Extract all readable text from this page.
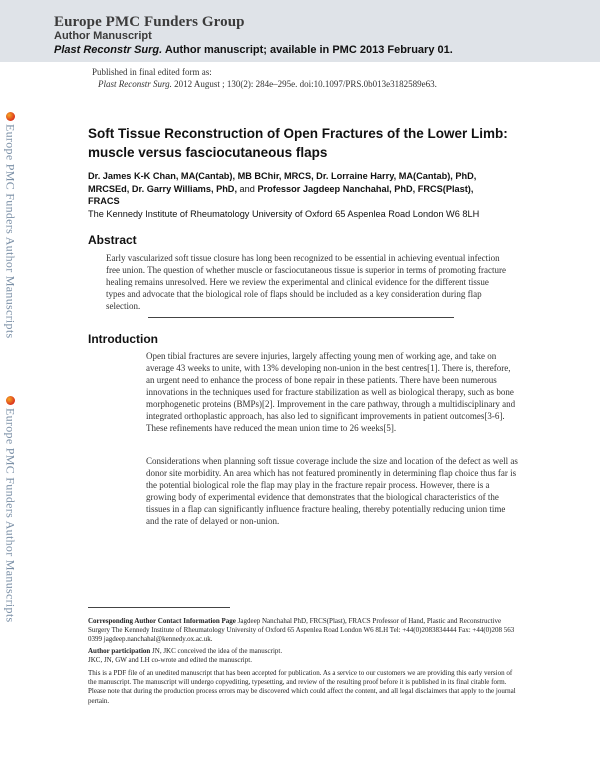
Europe PMC Funders Group
Author Manuscript
Plast Reconstr Surg. Author manuscript; available in PMC 2013 February 01.
Published in final edited form as:
Plast Reconstr Surg. 2012 August ; 130(2): 284e–295e. doi:10.1097/PRS.0b013e3182589e63.
Europe PMC Funders Author Manuscripts
Europe PMC Funders Author Manuscripts
Soft Tissue Reconstruction of Open Fractures of the Lower Limb: muscle versus fasciocutaneous flaps
Dr. James K-K Chan, MA(Cantab), MB BChir, MRCS, Dr. Lorraine Harry, MA(Cantab), PhD,
MRCSEd, Dr. Garry Williams, PhD, and Professor Jagdeep Nanchahal, PhD, FRCS(Plast),
FRACS
The Kennedy Institute of Rheumatology University of Oxford 65 Aspenlea Road London W6 8LH
Abstract
Early vascularized soft tissue closure has long been recognized to be essential in achieving eventual infection free union. The question of whether muscle or fasciocutaneous tissue is superior in terms of promoting fracture healing remains unresolved. Here we review the experimental and clinical evidence for the different tissue types and advocate that the biological role of flaps should be included as a key consideration during flap selection.
Introduction
Open tibial fractures are severe injuries, largely affecting young men of working age, and take on average 43 weeks to unite, with 13% developing non-union in the best centres[1]. There is, therefore, an urgent need to enhance the process of bone repair in these patients. There have been numerous innovations in the techniques used for fracture stabilization as well as biological therapy, such as bone morphogenetic proteins (BMPs)[2]. Improvement in the care pathway, through a multidisciplinary and integrated orthoplastic approach, has also led to significant improvements in patient outcomes[3-6]. These refinements have reduced the mean union time to 26 weeks[5].
Considerations when planning soft tissue coverage include the size and location of the defect as well as donor site morbidity. An area which has not featured prominently in determining flap choice thus far is the potential biological role the flap may play in the fracture repair process. However, there is a growing body of experimental evidence that demonstrates that the biological characteristics of the tissues in a flap can significantly influence fracture healing, thereby potentially reducing union time and the rate of delayed or non-union.
Corresponding Author Contact Information Page Jagdeep Nanchahal PhD, FRCS(Plast), FRACS Professor of Hand, Plastic and Reconstructive Surgery The Kennedy Institute of Rheumatology University of Oxford 65 Aspenlea Road London W6 8LH Tel: +44(0)2083834444 Fax: +44(0)208 563 0399 jagdeep.nanchahal@kennedy.ox.ac.uk.
Author participation JN, JKC conceived the idea of the manuscript.
JKC, JN, GW and LH co-wrote and edited the manuscript.
This is a PDF file of an unedited manuscript that has been accepted for publication. As a service to our customers we are providing this early version of the manuscript. The manuscript will undergo copyediting, typesetting, and review of the resulting proof before it is published in its final citable form. Please note that during the production process errors may be discovered which could affect the content, and all legal disclaimers that apply to the journal pertain.
